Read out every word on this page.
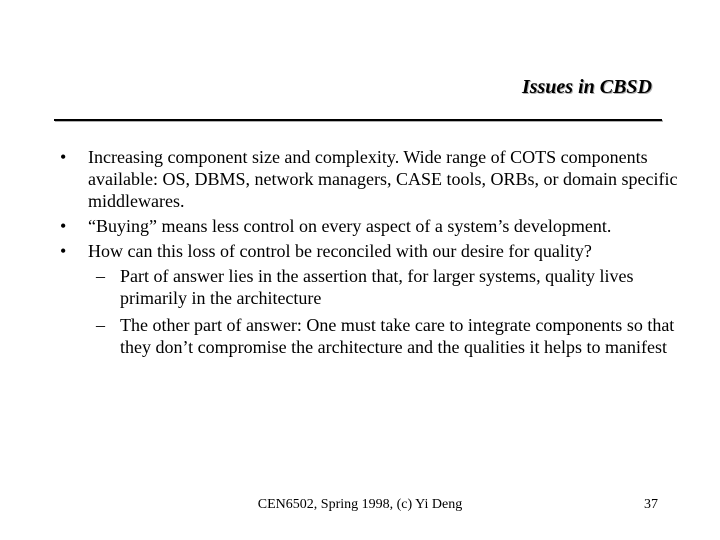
Issues in CBSD
• Increasing component size and complexity. Wide range of COTS components available: OS, DBMS, network managers, CASE tools, ORBs, or domain specific middlewares.
• “Buying” means less control on every aspect of a system’s development.
• How can this loss of control be reconciled with our desire for quality?
– Part of answer lies in the assertion that, for larger systems, quality lives primarily in the architecture
– The other part of answer: One must take care to integrate components so that they don’t compromise the architecture and the qualities it helps to manifest
CEN6502, Spring 1998, (c) Yi Deng	37
